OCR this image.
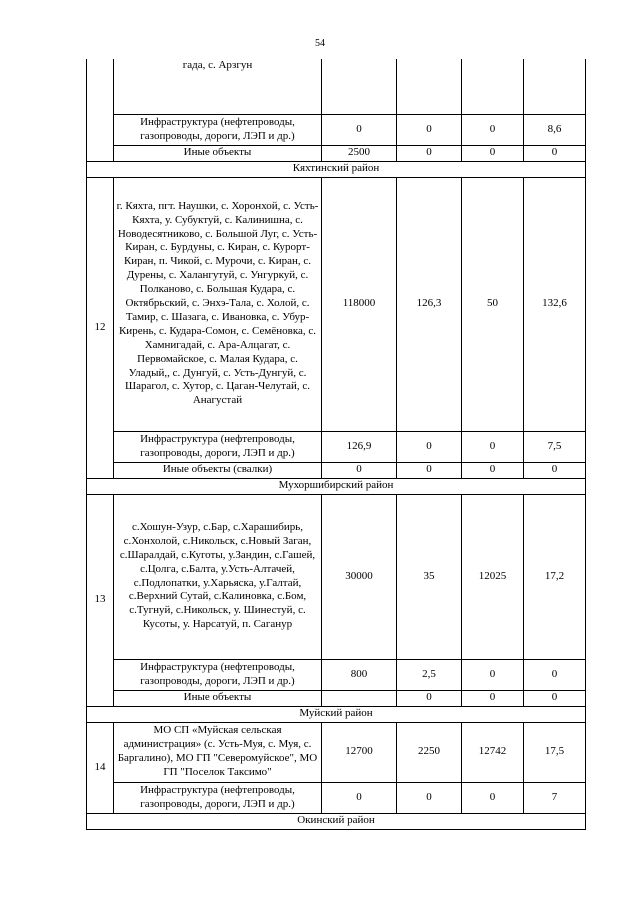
54
	гада, с. Арзгун				
	Инфраструктура (нефтепроводы, газопроводы, дороги, ЛЭП и др.)	0	0	0	8,6
	Иные объекты	2500	0	0	0
Кяхтинский район					
12	г. Кяхта, пгт. Наушки, с. Хоронхой, с. Усть-Кяхта, у. Субуктуй, с. Калинишна, с. Новодесятниково, с. Большой Луг, с. Усть-Киран, с. Бурдуны, с. Киран, с. Курорт-Киран, п. Чикой, с. Мурочи, с. Киран, с. Дурены, с. Халангутуй, с. Унгуркуй, с. Полканово, с. Большая Кудара, с. Октябрьский, с. Энхэ-Тала, с. Холой, с. Тамир, с. Шазага, с. Ивановка, с. Убур-Кирень, с. Кудара-Сомон, с. Семёновка, с. Хамнигадай, с. Ара-Алцагат, с. Первомайское, с. Малая Кудара, с. Уладый,, с. Дунгуй, с. Усть-Дунгуй, с. Шарагол, с. Хутор, с. Цаган-Челутай, с. Анагустай	118000	126,3	50	132,6
	Инфраструктура (нефтепроводы, газопроводы, дороги, ЛЭП и др.)	126,9	0	0	7,5
	Иные объекты (свалки)	0	0	0	0
Мухоршибирский район					
13	с.Хошун-Узур, с.Бар, с.Харашибирь, с.Хонхолой, с.Никольск, с.Новый Заган, с.Шаралдай, с.Куготы, у.Зандин, с.Гашей, с.Цолга, с.Балта, у.Усть-Алтачей, с.Подлопатки, у.Харьяска, у.Галтай, с.Верхний Сутай, с.Калиновка, с.Бом, с.Тугнуй, с.Никольск, у. Шинестуй, с. Кусоты, у. Нарсатуй, п. Саганур	30000	35	12025	17,2
	Инфраструктура (нефтепроводы, газопроводы, дороги, ЛЭП и др.)	800	2,5	0	0
	Иные объекты		0	0	0
Муйский район					
14	МО СП «Муйская сельская администрация» (с. Усть-Муя, с. Муя, с. Баргалино), МО ГП "Северомуйское", МО ГП "Поселок Таксимо"	12700	2250	12742	17,5
	Инфраструктура (нефтепроводы, газопроводы, дороги, ЛЭП и др.)	0	0	0	7
Окинский район					
